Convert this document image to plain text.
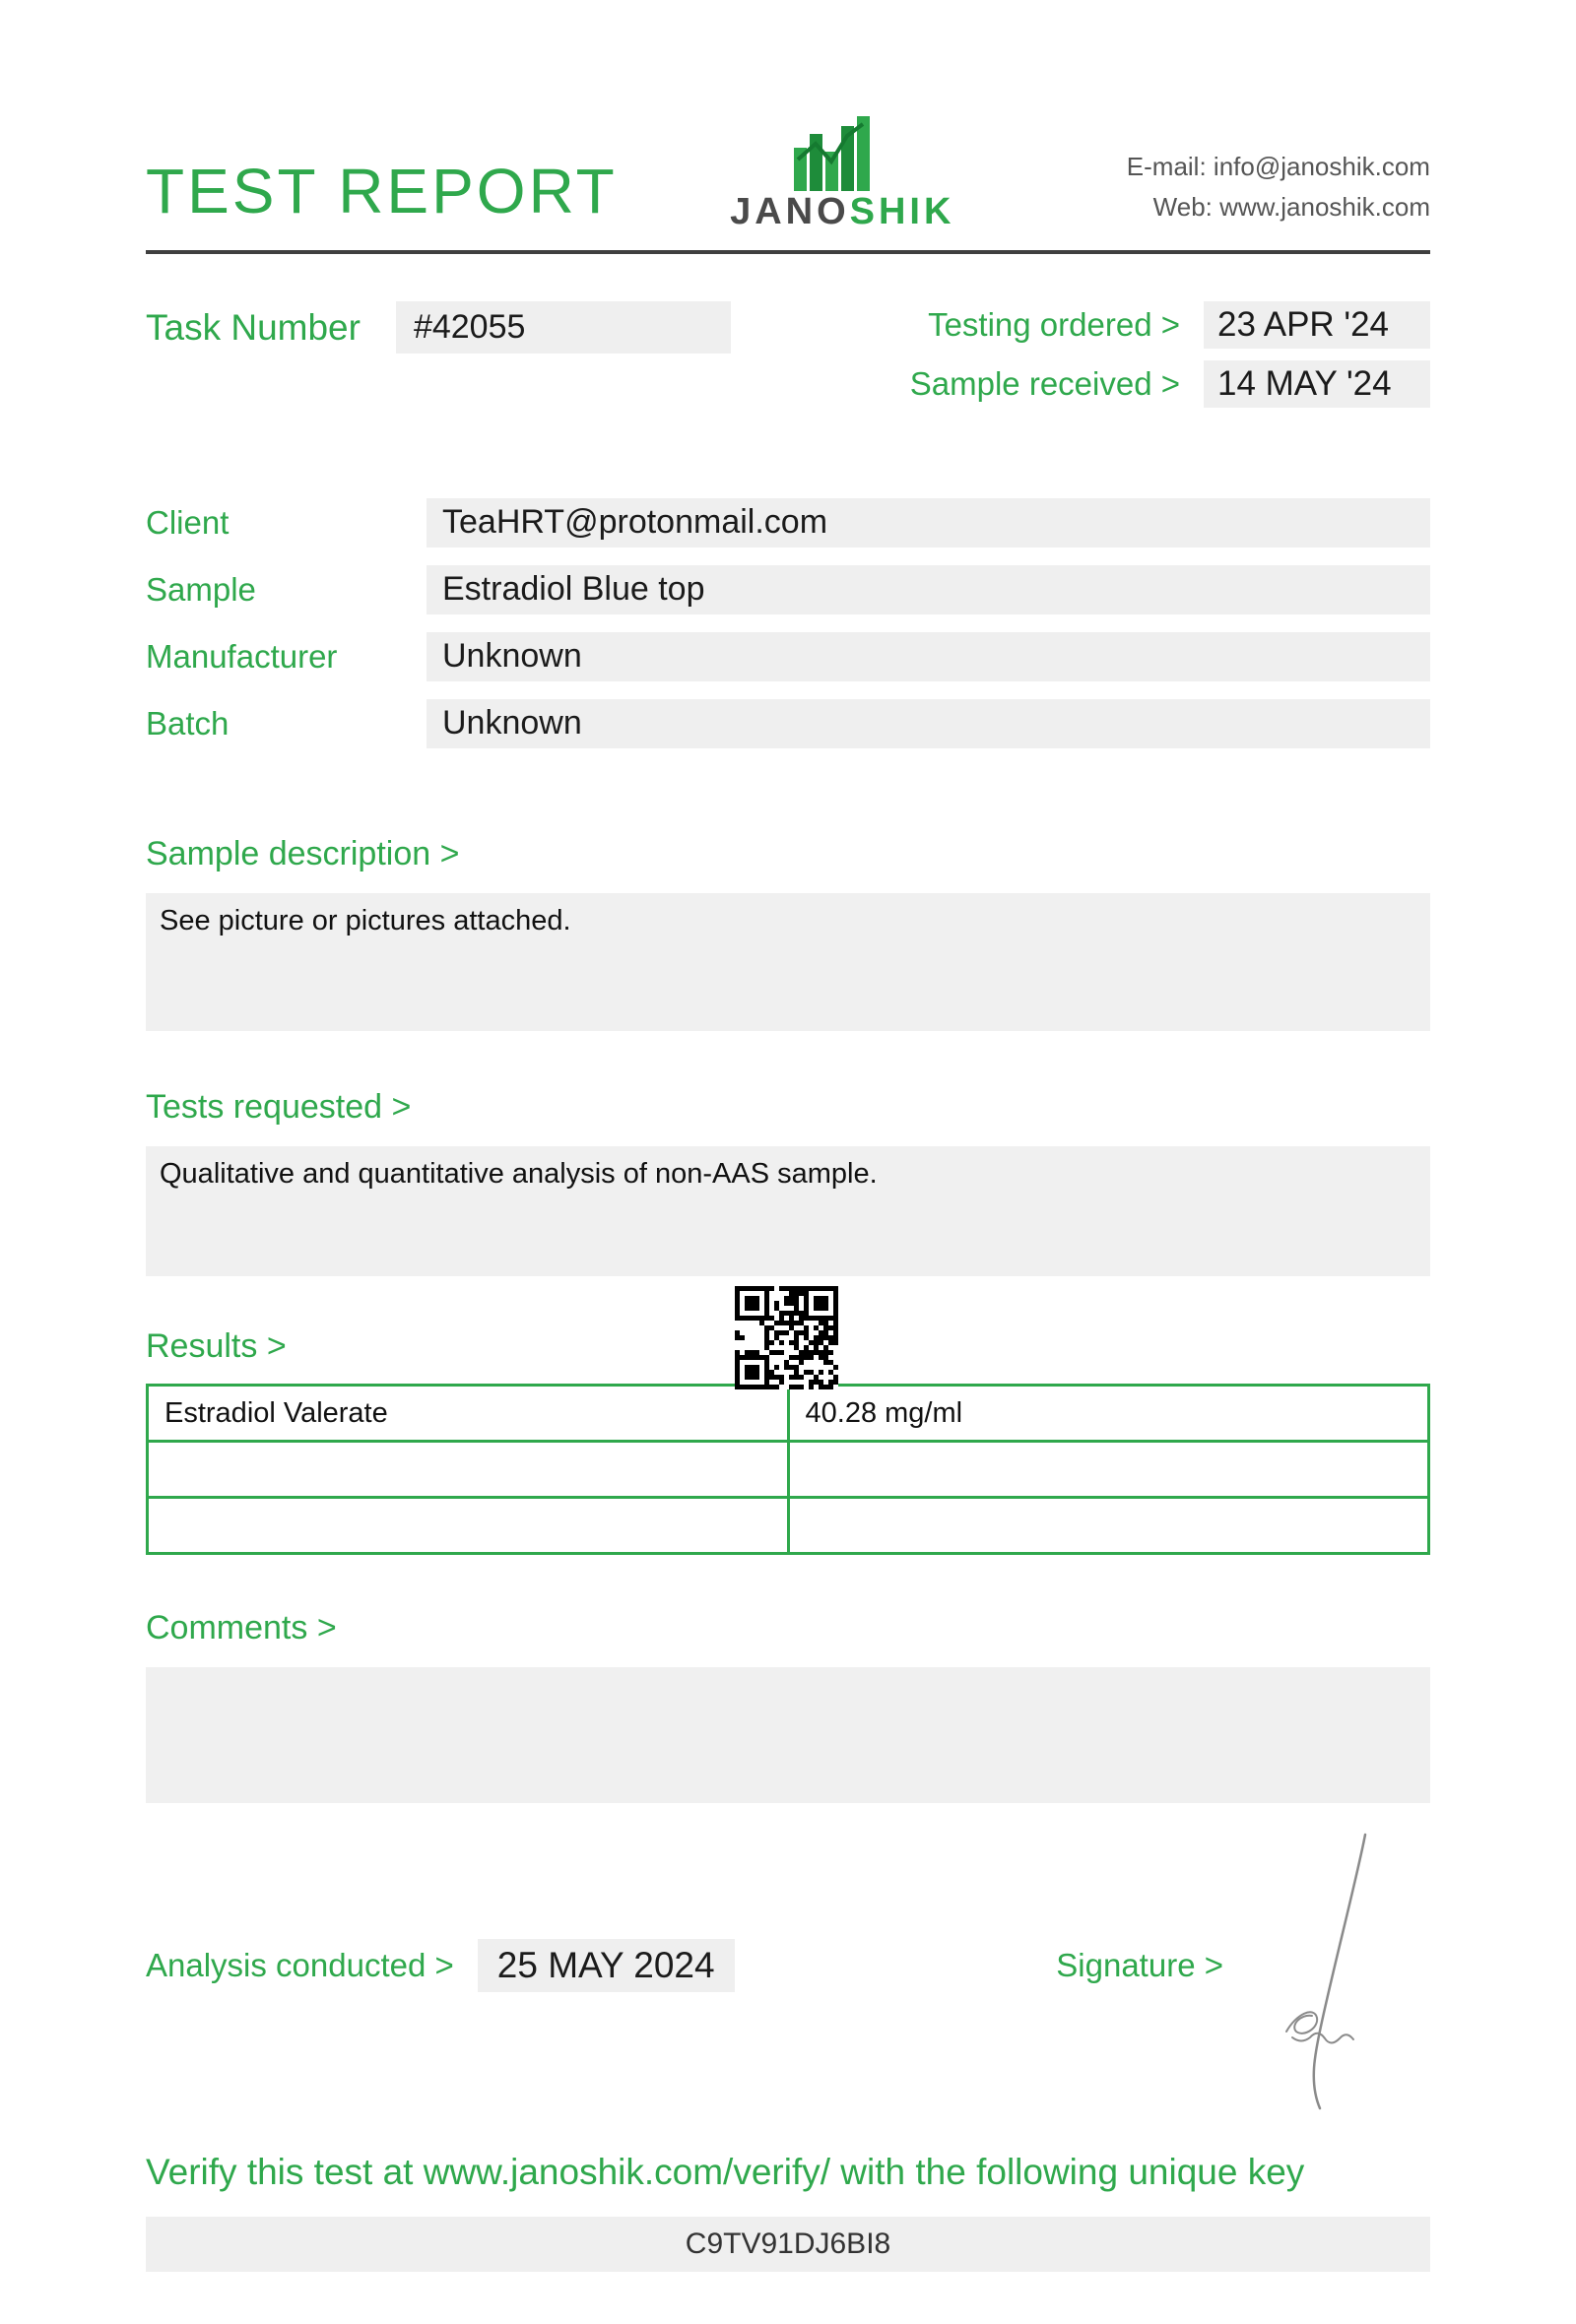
TEST REPORT	JANOSHIK
E-mail: info@janoshik.com
Web: www.janoshik.com
Task Number	#42055	Testing ordered >	23 APR '24
Sample received >	14 MAY '24
Client	TeaHRT@protonmail.com
Sample	Estradiol Blue top
Manufacturer	Unknown
Batch	Unknown
Sample description >
See picture or pictures attached.
Tests requested >
Qualitative and quantitative analysis of non-AAS sample.
Results >
Estradiol Valerate	40.28 mg/ml

Comments >
Analysis conducted >	25 MAY 2024	Signature >
Verify this test at www.janoshik.com/verify/ with the following unique key
C9TV91DJ6BI8
